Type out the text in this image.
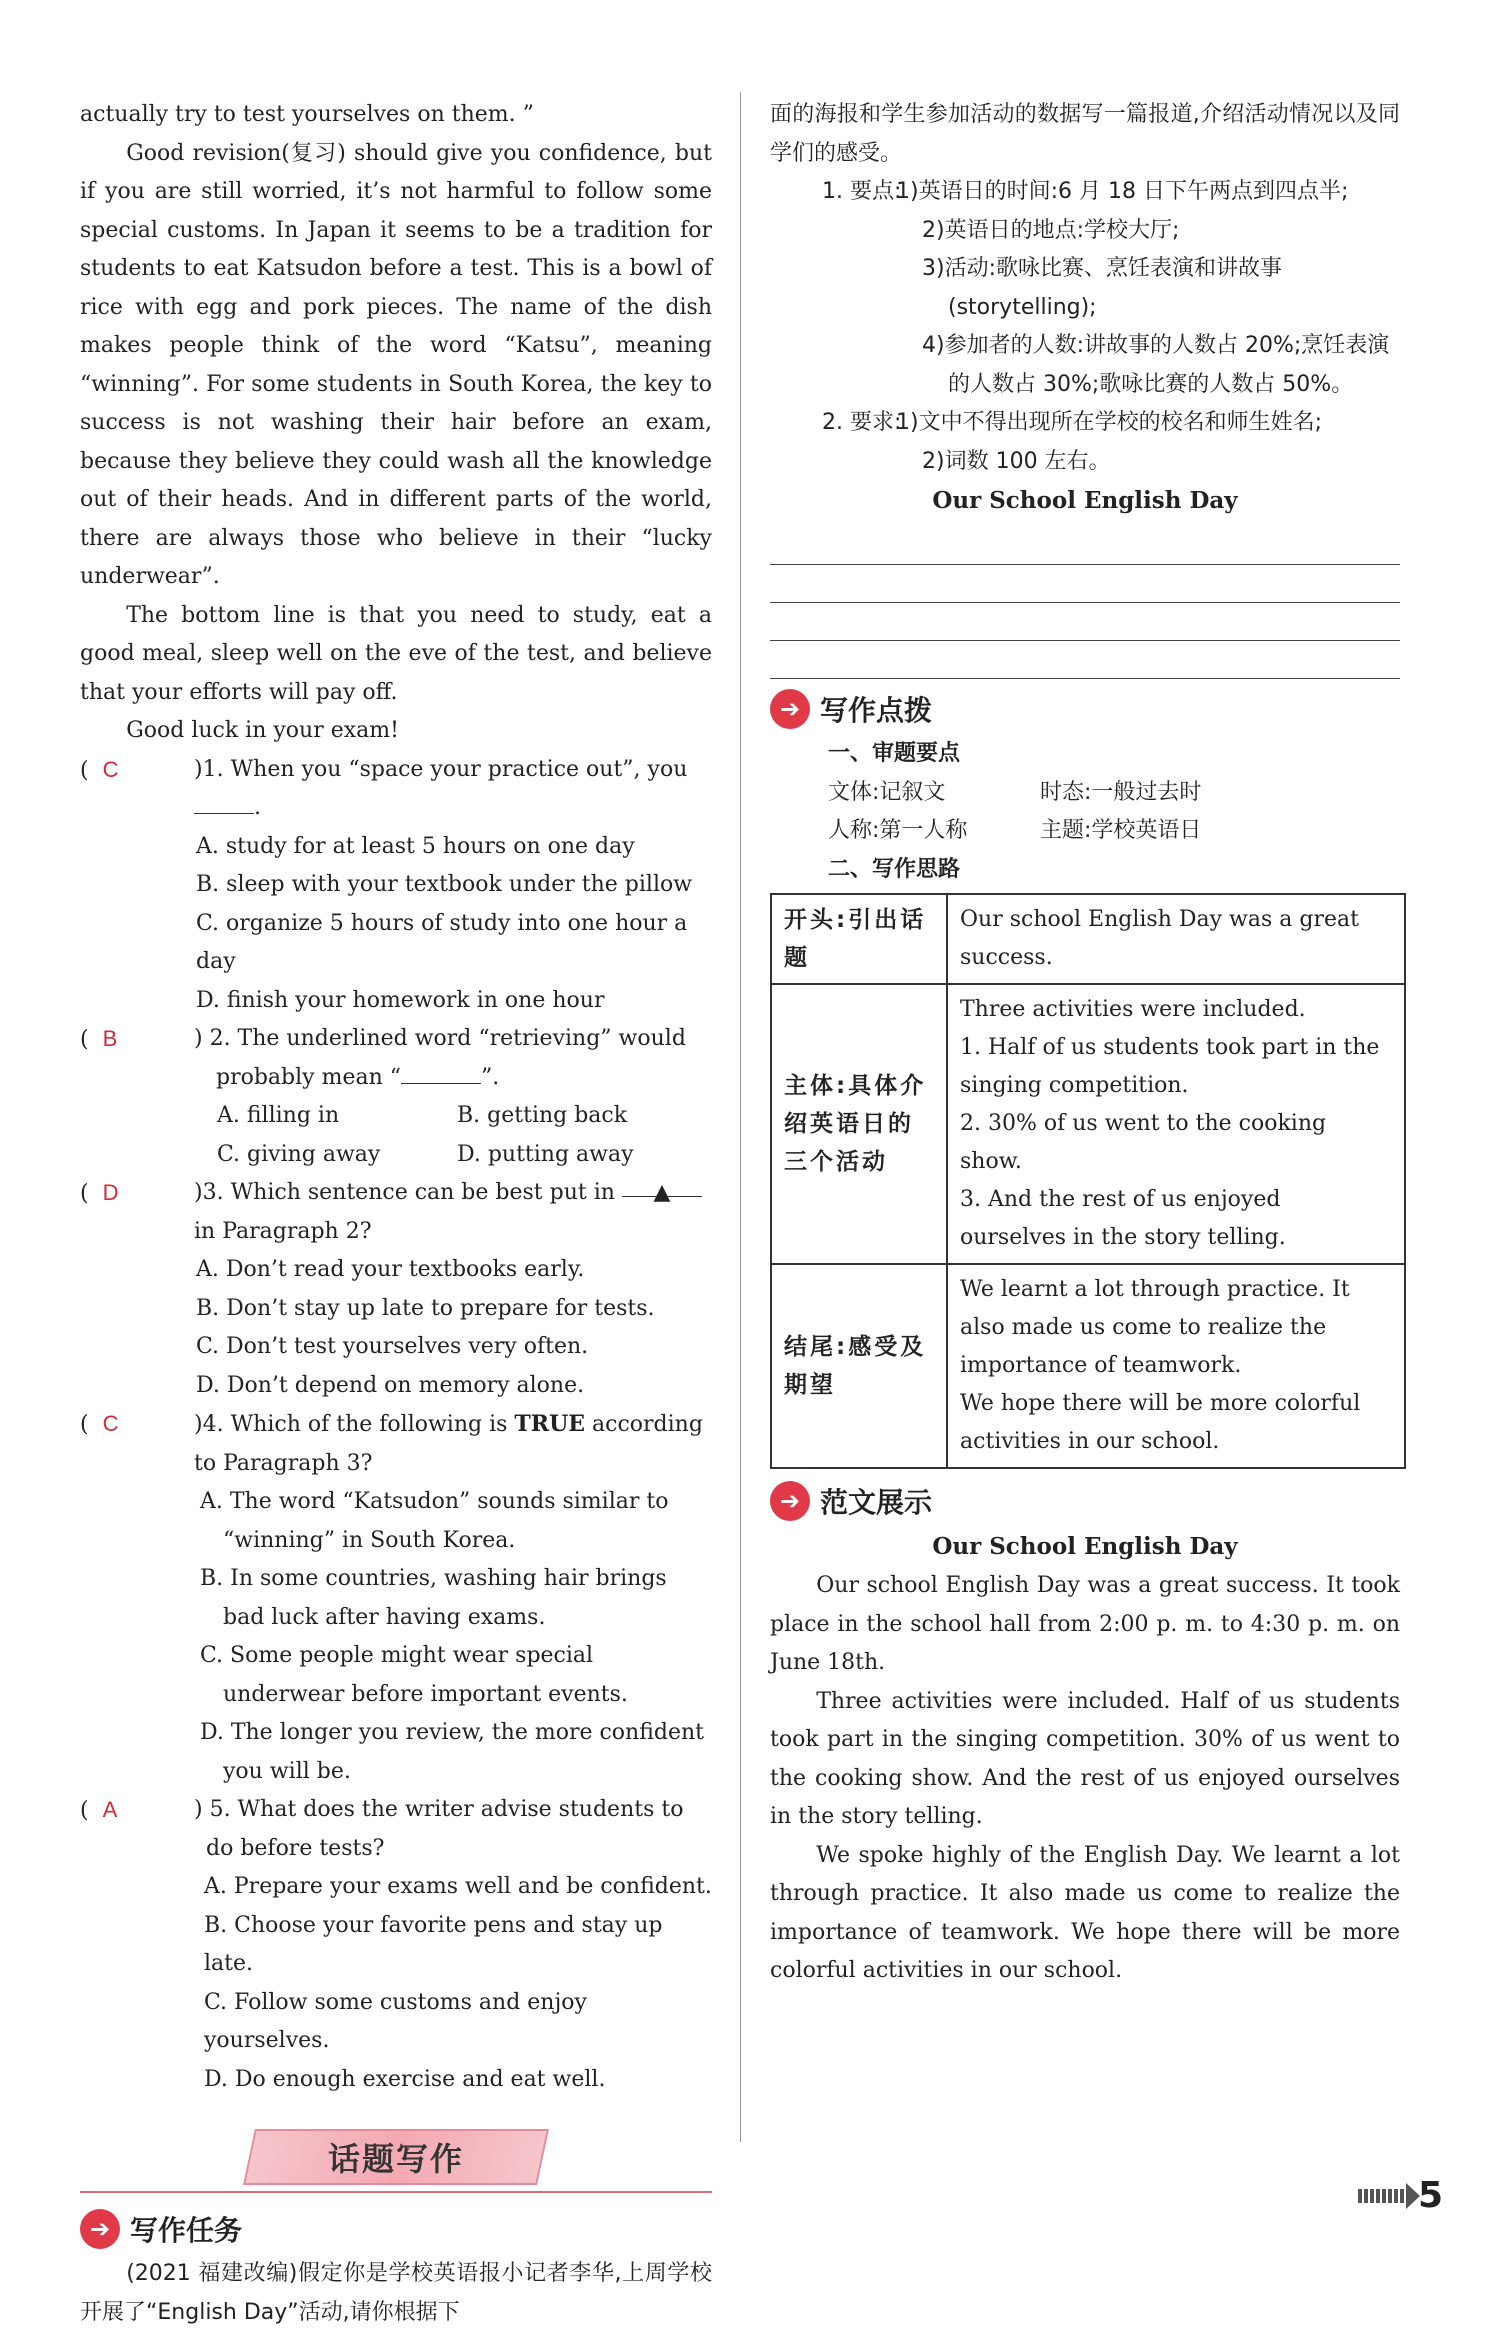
actually try to test yourselves on them. ”

Good revision(复习) should give you confidence, but if you are still worried, it’s not harmful to follow some special customs. In Japan it seems to be a tradition for students to eat Katsudon before a test. This is a bowl of rice with egg and pork pieces. The name of the dish makes people think of the word “Katsu”, meaning “winning”. For some students in South Korea, the key to success is not washing their hair before an exam, because they believe they could wash all the knowledge out of their heads. And in different parts of the world, there are always those who believe in their “lucky underwear”.

The bottom line is that you need to study, eat a good meal, sleep well on the eve of the test, and believe that your efforts will pay off.

Good luck in your exam!

(  C	)1. When you “space your practice out”, you .
A. study for at least 5 hours on one day
B. sleep with your textbook under the pillow
C. organize 5 hours of study into one hour a day
D. finish your homework in one hour
(  B	) 2. The underlined word “retrieving” would probably mean “	”.
A. filling in	B. getting back
C. giving away	D. putting away
(  D	)3. Which sentence can be best put in ▲ in Paragraph 2?
A. Don’t read your textbooks early.
B. Don’t stay up late to prepare for tests.
C. Don’t test yourselves very often.
D. Don’t depend on memory alone.
(  C	)4. Which of the following is TRUE according to Paragraph 3?
A. The word “Katsudon” sounds similar to “winning” in South Korea.
B. In some countries, washing hair brings bad luck after having exams.
C. Some people might wear special underwear before important events.
D. The longer you review, the more confident you will be.
(  A	) 5. What does the writer advise students to do before tests?
A. Prepare your exams well and be confident.
B. Choose your favorite pens and stay up late.
C. Follow some customs and enjoy yourselves.
D. Do enough exercise and eat well.
话题写作
➔ 写作任务

(2021 福建改编)假定你是学校英语报小记者李华,上周学校开展了“English Day”活动,请你根据下

面的海报和学生参加活动的数据写一篇报道,介绍活动情况以及同学们的感受。

1. 要点:
1)英语日的时间:6 月 18 日下午两点到四点半;
2)英语日的地点:学校大厅;
3)活动:歌咏比赛、烹饪表演和讲故事(storytelling);
4)参加者的人数:讲故事的人数占 20%;烹饪表演的人数占 30%;歌咏比赛的人数占 50%。
2. 要求:
1)文中不得出现所在学校的校名和师生姓名;
2)词数 100 左右。
Our School English Day
➔ 写作点拨
一、审题要点
文体:记叙文	时态:一般过去时
人称:第一人称	主题:学校英语日
二、写作思路
开头:引出话题	Our school English Day was a great success.

主体:具体介绍英语日的三个活动	Three activities were included.
1. Half of us students took part in the singing competition.
2. 30% of us went to the cooking show.
3. And the rest of us enjoyed ourselves in the story telling.

结尾:感受及期望	We learnt a lot through practice. It also made us come to realize the importance of teamwork.
We hope there will be more colorful activities in our school.
➔ 范文展示
Our School English Day

Our school English Day was a great success. It took place in the school hall from 2:00 p. m. to 4:30 p. m. on June 18th.

Three activities were included. Half of us students took part in the singing competition. 30% of us went to the cooking show. And the rest of us enjoyed ourselves in the story telling.

We spoke highly of the English Day. We learnt a lot through practice. It also made us come to realize the importance of teamwork. We hope there will be more colorful activities in our school.

5
